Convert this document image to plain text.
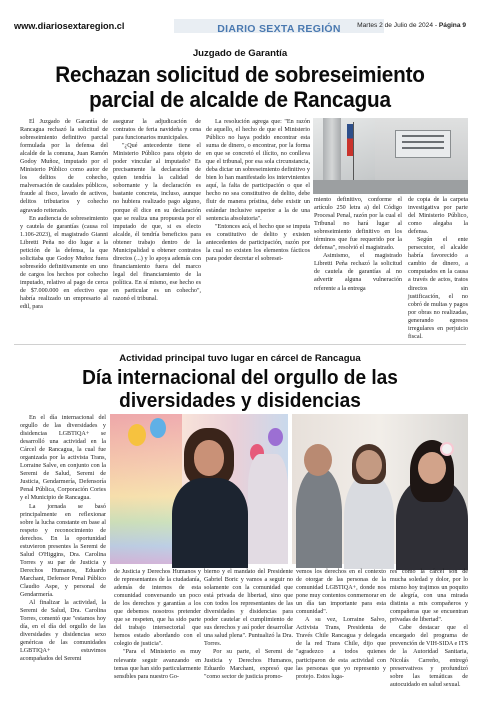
www.diariosextaregion.cl	DIARIO SEXTA REGIÓN	Martes 2 de Julio de 2024 - Página 9
Juzgado de Garantía
Rechazan solicitud de sobreseimiento parcial de alcalde de Rancagua

El Juzgado de Garantía de Rancagua rechazó la solicitud de sobreseimiento definitivo parcial formulada por la defensa del alcalde de la comuna, Juan Ramón Godoy Muñoz, imputado por el Ministerio Público como autor de los delitos de cohecho, malversación de caudales públicos, fraude al fisco, lavado de activos, delitos tributarios y cohecho agravado reiterado.

En audiencia de sobreseimiento y cautela de garantías (causa rol 1.106-2023), el magistrado Gianni Libretti Peña no dio lugar a la petición de la defensa, la que solicitaba que Godoy Muñoz fuera sobreseído definitivamente en uno de cargos los hechos por cohecho imputado, relativo al pago de cerca de $7.000.000 en efectivo que habría realizado un empresario al edil, para

asegurar la adjudicación de contratos de feria navideña y cena para funcionarios municipales.

"¿Qué antecedente tiene el Ministerio Público para objeto de poder vincular al imputado? Es precisamente la declaración de quien tendría la calidad de sobornante y la declaración es bastante concreta, incluso, aunque no hubiera realizado pago alguno, porque él dice en su declaración que se realiza una propuesta por el imputado de que, si es electo alcalde, él tendría beneficios para obtener trabajo dentro de la Municipalidad u obtener contratos directos (...) y lo apoya además con financiamiento fuera del marco legal del financiamiento de la política. En sí mismo, ese hecho es en particular es un cohecho", razonó el tribunal.

La resolución agrega que: "En razón de aquello, el hecho de que el Ministerio Público no haya podido encontrar esta suma de dinero, o encontrar, por la forma en que se concretó el ilícito, no conlleva que el tribunal, por esa sola circunstancia, deba dictar un sobreseimiento definitivo y bien lo han manifestado los intervinientes aquí, la falta de participación o que el hecho no sea constitutivo de delito, debe fluir de manera prístina, debe existir un estándar inclusive superior a la de una sentencia absolutoria".

"Entonces acá, el hecho que se imputa es constitutivo de delito y existen antecedentes de participación, razón por la cual no existen los elementos fácticos para poder decretar el sobresei-

miento definitivo, conforme el artículo 250 letra a) del Código Procesal Penal, razón por la cual el Tribunal no hará lugar al sobreseimiento definitivo en los términos que fue requerido por la defensa", resolvió el magistrado.

Asimismo, el magistrado Libretti Peña rechazó la solicitud de cautela de garantías al no advertir alguna vulneración referente a la entrega

de copia de la carpeta investigativa por parte del Ministerio Público, como alegaba la defensa.

Según el ente persecutor, el alcalde habría favorecido a cambio de dinero, a computados en la causa a través de actos, tratos directos sin justificación, el no cobró de multas y pagos por obras no realizadas, generando egresos irregulares en perjuicio fiscal.

Actividad principal tuvo lugar en cárcel de Rancagua
Día internacional del orgullo de las diversidades y disidencias

En el día internacional del orgullo de las diversidades y disidencias LGBTIQA+ se desarrolló una actividad en la Cárcel de Rancagua, la cual fue organizada por la activista Trans, Lorraine Salve, en conjunto con la Seremi de Salud, Seremi de Justicia, Gendarmería, Defensoría Penal Pública, Corporación Cories y el Municipio de Rancagua.

La jornada se basó principalmente en reflexionar sobre la lucha constante en base al respeto y reconocimiento de derechos. En la oportunidad estuvieron presentes la Seremi de Salud O'Higgins, Dra. Carolina Torres y su par de Justicia y Derechos Humanos, Eduardo Marchant, Defensor Penal Público Claudio Aspe, y personal de Gendarmería.

Al finalizar la actividad, la Seremi de Salud, Dra. Carolina Torres, comentó que "estamos hoy día, en el día del orgullo de las diversidades y disidencias sexo genéricas de las comunidades LGBTIQA+ estuvimos acompañados del Seremi

de Justicia y Derechos Humanos y de representantes de la ciudadanía, además de internos de esta comunidad conversando un poco de los derechos y garantías a los que debemos nosotros pretender que se respeten, que ha sido parte del trabajo intersectorial que hemos estado abordando con el colegio de justicia".

"Para el Ministerio es muy relevante seguir avanzando en temas que han sido particularmente sensibles para nuestro Go-

bierno y el mandato del Presidente Gabriel Boric y vamos a seguir no solamente con la comunidad que está privada de libertad, sino que con todos los representantes de las diversidades y disidencias para poder cautelar el cumplimiento de sus derechos y así poder desarrollar una salud plena". Puntualizó la Dra. Torres.

Por su parte, el Seremi de Justicia y Derechos Humanos, Eduardo Marchant, expresó que "como sector de justicia promo-

vemos los derechos en el contexto de otorgar de las personas de la comunidad LGBTIQA+, donde nos pone muy contentos conmemorar en un día tan importante para esta comunidad".

A su vez, Lorraine Salvo, Activista Trans, Presidenta de Través Chile Rancagua y delegada de la red Trans Chile, dijo que "agradezco a todos quienes participaron de esta actividad con las personas que yo represento y protejo. Estos luga-

res como la cárcel son de mucha soledad y dolor, por lo mismo hoy trajimos un poquito de alegría, con una mirada distinta a mis compañeros y compañeras que se encuentran privadas de libertad".

Cabe destacar que el encargado del programa de prevención de VIH-SIDA e ITS de la Autoridad Sanitaria, Nicolás Carreño, entregó preservativos y profundizó sobre las temáticas de autocuidado en salud sexual.
